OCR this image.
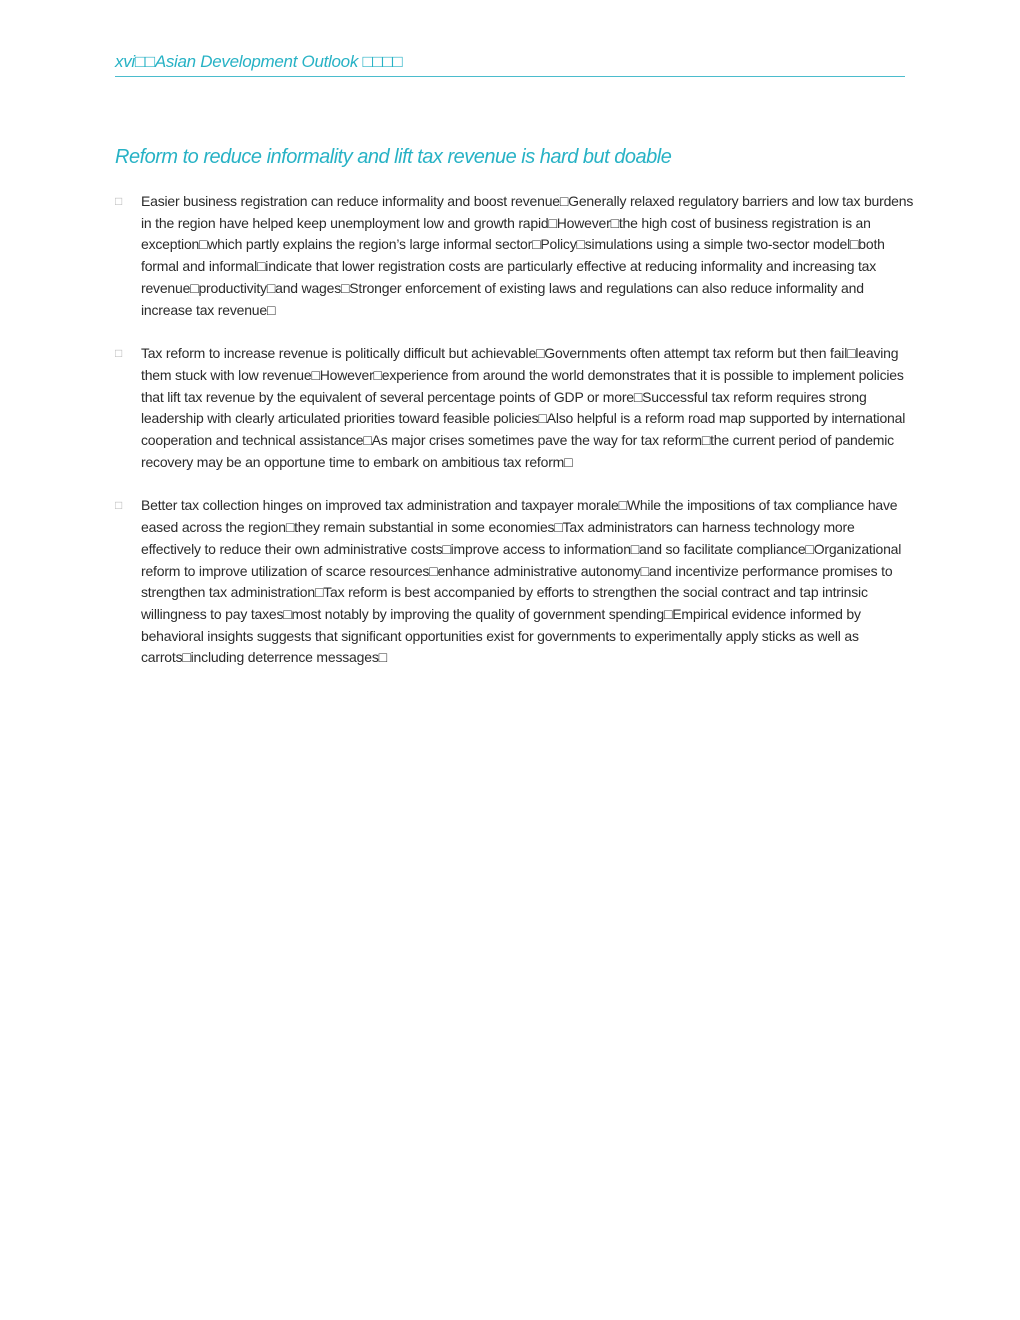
xvi□□Asian Development Outlook □□□□
Reform to reduce informality and lift tax revenue is hard but doable
□ Easier business registration can reduce informality and boost revenue□Generally relaxed regulatory barriers and low tax burdens in the region have helped keep unemployment low and growth rapid□However□the high cost of business registration is an exception□which partly explains the region’s large informal sector□Policy□simulations using a simple two-sector model□both formal and informal□indicate that lower registration costs are particularly effective at reducing informality and increasing tax revenue□productivity□and wages□Stronger enforcement of existing laws and regulations can also reduce informality and increase tax revenue□
□ Tax reform to increase revenue is politically difficult but achievable□Governments often attempt tax reform but then fail□leaving them stuck with low revenue□However□experience from around the world demonstrates that it is possible to implement policies that lift tax revenue by the equivalent of several percentage points of GDP or more□Successful tax reform requires strong leadership with clearly articulated priorities toward feasible policies□Also helpful is a reform road map supported by international cooperation and technical assistance□As major crises sometimes pave the way for tax reform□the current period of pandemic recovery may be an opportune time to embark on ambitious tax reform□
□ Better tax collection hinges on improved tax administration and taxpayer morale□While the impositions of tax compliance have eased across the region□they remain substantial in some economies□Tax administrators can harness technology more effectively to reduce their own administrative costs□improve access to information□and so facilitate compliance□Organizational reform to improve utilization of scarce resources□enhance administrative autonomy□and incentivize performance promises to strengthen tax administration□Tax reform is best accompanied by efforts to strengthen the social contract and tap intrinsic willingness to pay taxes□most notably by improving the quality of government spending□Empirical evidence informed by behavioral insights suggests that significant opportunities exist for governments to experimentally apply sticks as well as carrots□including deterrence messages□
